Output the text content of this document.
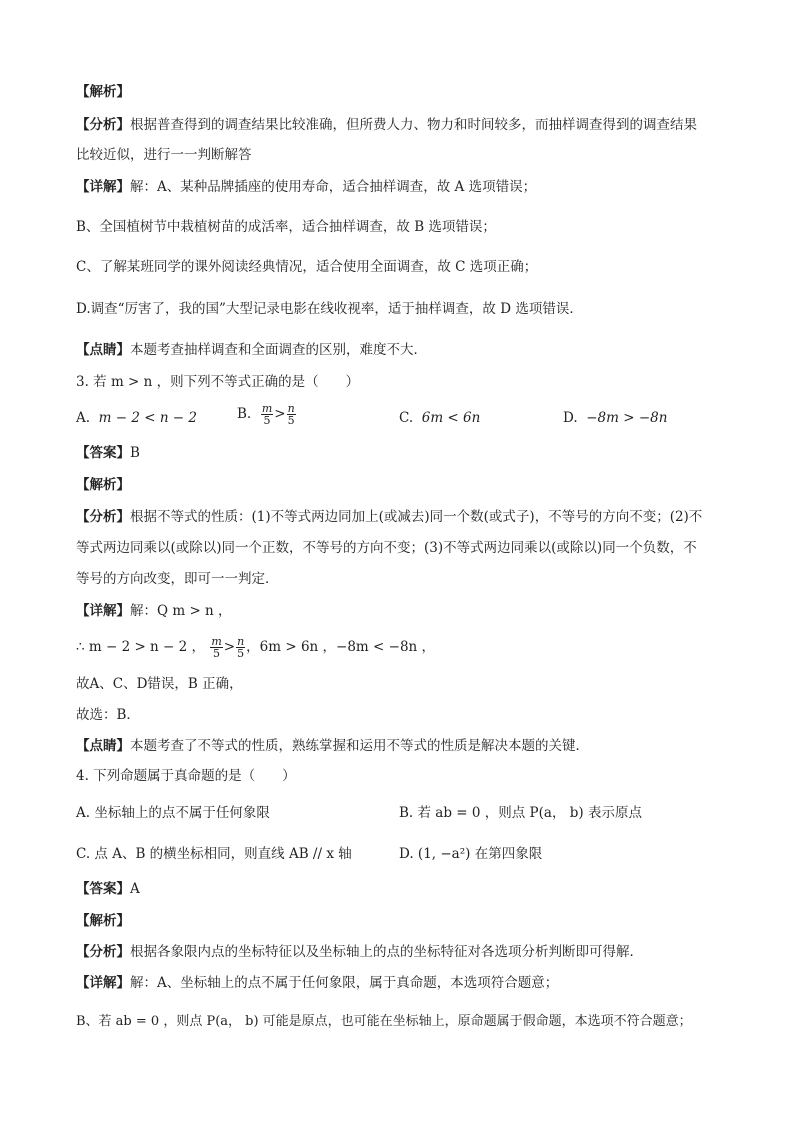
【解析】
【分析】根据普查得到的调查结果比较准确，但所费人力、物力和时间较多，而抽样调查得到的调查结果
比较近似，进行一一判断解答
【详解】解：A、某种品牌插座的使用寿命，适合抽样调查，故 A 选项错误；
B、全国植树节中栽植树苗的成活率，适合抽样调查，故 B 选项错误；
C、了解某班同学的课外阅读经典情况，适合使用全面调查，故 C 选项正确；
D.调查“厉害了，我的国”大型记录电影在线收视率，适于抽样调查，故 D 选项错误．
【点睛】本题考查抽样调查和全面调查的区别，难度不大．
3. 若 m > n ，则下列不等式正确的是（　　）
A. m − 2 < n − 2	B. $\frac{m}{5} > \frac{n}{5}$	C. 6m < 6n	D. −8m > −8n
【答案】B
【解析】
【分析】根据不等式的性质：(1)不等式两边同加上(或减去)同一个数(或式子)，不等号的方向不变；(2)不
等式两边同乘以(或除以)同一个正数，不等号的方向不变；(3)不等式两边同乘以(或除以)同一个负数，不
等号的方向改变，即可一一判定．
【详解】解：Q m > n ，
∴ m − 2 > n − 2 ， $\frac{m}{5} > \frac{n}{5}$ ，6m > 6n ，−8m < −8n ，
故A、C、D错误，B 正确，
故选：B．
【点睛】本题考查了不等式的性质，熟练掌握和运用不等式的性质是解决本题的关键．
4. 下列命题属于真命题的是（　　）
A. 坐标轴上的点不属于任何象限	B. 若 ab = 0 ，则点 P(a， b) 表示原点
C. 点 A、B 的横坐标相同，则直线 AB // x 轴	D. (1, −a²) 在第四象限
【答案】A
【解析】
【分析】根据各象限内点的坐标特征以及坐标轴上的点的坐标特征对各选项分析判断即可得解．
【详解】解：A、坐标轴上的点不属于任何象限，属于真命题，本选项符合题意；
B、若 ab = 0 ，则点 P(a， b) 可能是原点，也可能在坐标轴上，原命题属于假命题，本选项不符合题意；
